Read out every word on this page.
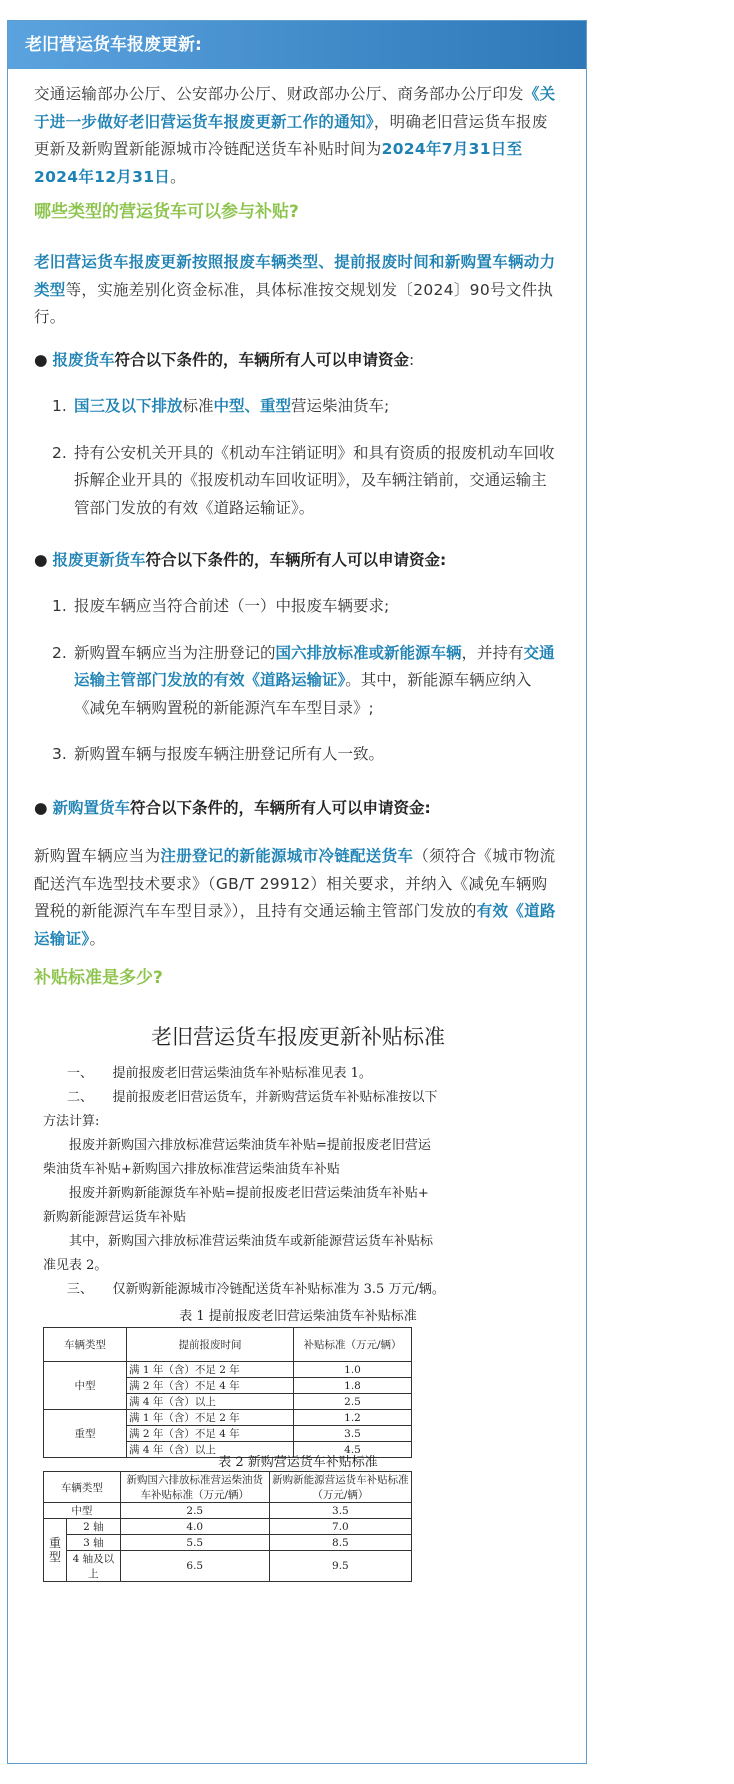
老旧营运货车报废更新:

交通运输部办公厅、公安部办公厅、财政部办公厅、商务部办公厅印发《关于进一步做好老旧营运货车报废更新工作的通知》，明确老旧营运货车报废更新及新购置新能源城市冷链配送货车补贴时间为2024年7月31日至2024年12月31日。

哪些类型的营运货车可以参与补贴?

老旧营运货车报废更新按照报废车辆类型、提前报废时间和新购置车辆动力类型等，实施差别化资金标准，具体标准按交规划发〔2024〕90号文件执行。

● 报废货车符合以下条件的，车辆所有人可以申请资金:

1. 国三及以下排放标准中型、重型营运柴油货车;
2. 持有公安机关开具的《机动车注销证明》和具有资质的报废机动车回收拆解企业开具的《报废机动车回收证明》，及车辆注销前，交通运输主管部门发放的有效《道路运输证》。

● 报废更新货车符合以下条件的，车辆所有人可以申请资金:

1. 报废车辆应当符合前述（一）中报废车辆要求;
2. 新购置车辆应当为注册登记的国六排放标准或新能源车辆，并持有交通运输主管部门发放的有效《道路运输证》。其中，新能源车辆应纳入《减免车辆购置税的新能源汽车车型目录》;
3. 新购置车辆与报废车辆注册登记所有人一致。

● 新购置货车符合以下条件的，车辆所有人可以申请资金:

新购置车辆应当为注册登记的新能源城市冷链配送货车（须符合《城市物流配送汽车选型技术要求》（GB/T 29912）相关要求，并纳入《减免车辆购置税的新能源汽车车型目录》），且持有交通运输主管部门发放的有效《道路运输证》。

补贴标准是多少?

老旧营运货车报废更新补贴标准
一、　　提前报废老旧营运柴油货车补贴标准见表 1。
二、　　提前报废老旧营运货车，并新购营运货车补贴标准按以下
方法计算:
报废并新购国六排放标准营运柴油货车补贴=提前报废老旧营运
柴油货车补贴+新购国六排放标准营运柴油货车补贴
报废并新购新能源货车补贴=提前报废老旧营运柴油货车补贴+
新购新能源营运货车补贴
其中，新购国六排放标准营运柴油货车或新能源营运货车补贴标
准见表 2。
三、　　仅新购新能源城市冷链配送货车补贴标准为 3.5 万元/辆。
表 1 提前报废老旧营运柴油货车补贴标准
车辆类型	提前报废时间	补贴标准（万元/辆）
中型	满 1 年（含）不足 2 年	1.0
	满 2 年（含）不足 4 年	1.8
	满 4 年（含）以上	2.5
重型	满 1 年（含）不足 2 年	1.2
	满 2 年（含）不足 4 年	3.5
	满 4 年（含）以上	4.5
表 2 新购营运货车补贴标准
车辆类型		新购国六排放标准营运柴油货车补贴标准（万元/辆）	新购新能源营运货车补贴标准（万元/辆）
中型		2.5	3.5
重型	2 轴	4.0	7.0
	3 轴	5.5	8.5
	4 轴及以上	6.5	9.5
